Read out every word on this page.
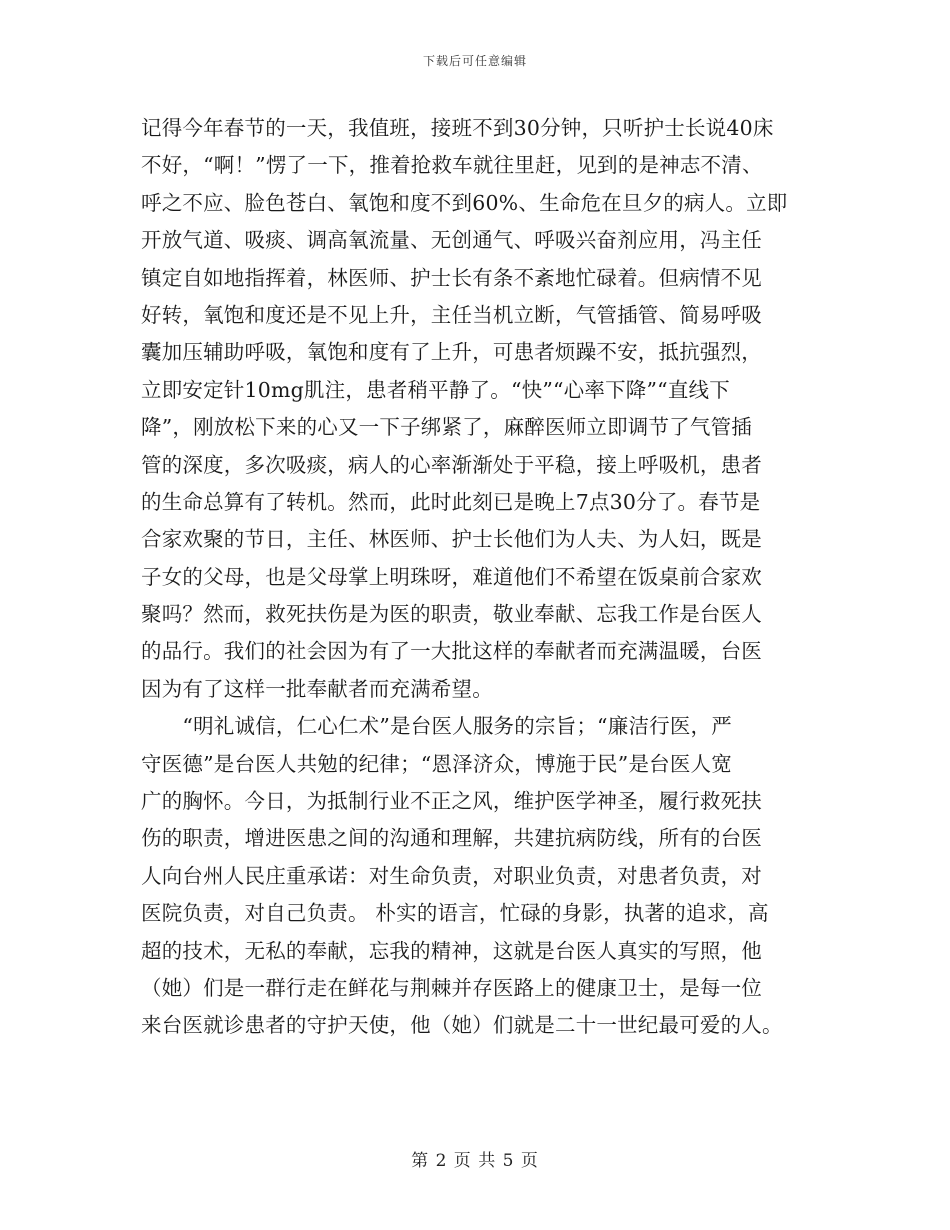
下载后可任意编辑
记得今年春节的一天，我值班，接班不到30分钟，只听护士长说40床
不好，“啊！”愣了一下，推着抢救车就往里赶，见到的是神志不清、
呼之不应、脸色苍白、氧饱和度不到60%、生命危在旦夕的病人。立即
开放气道、吸痰、调高氧流量、无创通气、呼吸兴奋剂应用，冯主任
镇定自如地指挥着，林医师、护士长有条不紊地忙碌着。但病情不见
好转，氧饱和度还是不见上升，主任当机立断，气管插管、简易呼吸
囊加压辅助呼吸，氧饱和度有了上升，可患者烦躁不安，抵抗强烈，
立即安定针10mg肌注，患者稍平静了。“快”“心率下降”“直线下
降”，刚放松下来的心又一下子绑紧了，麻醉医师立即调节了气管插
管的深度，多次吸痰，病人的心率渐渐处于平稳，接上呼吸机，患者
的生命总算有了转机。然而，此时此刻已是晚上7点30分了。春节是
合家欢聚的节日，主任、林医师、护士长他们为人夫、为人妇，既是
子女的父母，也是父母掌上明珠呀，难道他们不希望在饭桌前合家欢
聚吗？然而，救死扶伤是为医的职责，敬业奉献、忘我工作是台医人
的品行。我们的社会因为有了一大批这样的奉献者而充满温暖，台医
因为有了这样一批奉献者而充满希望。
　　“明礼诚信，仁心仁术”是台医人服务的宗旨；“廉洁行医，严
守医德”是台医人共勉的纪律；“恩泽济众，博施于民”是台医人宽
广的胸怀。今日，为抵制行业不正之风，维护医学神圣，履行救死扶
伤的职责，增进医患之间的沟通和理解，共建抗病防线，所有的台医
人向台州人民庄重承诺：对生命负责，对职业负责，对患者负责，对
医院负责，对自己负责。 朴实的语言，忙碌的身影，执著的追求，高
超的技术，无私的奉献，忘我的精神，这就是台医人真实的写照，他
（她）们是一群行走在鲜花与荆棘并存医路上的健康卫士，是每一位
来台医就诊患者的守护天使，他（她）们就是二十一世纪最可爱的人。
第 2 页 共 5 页
